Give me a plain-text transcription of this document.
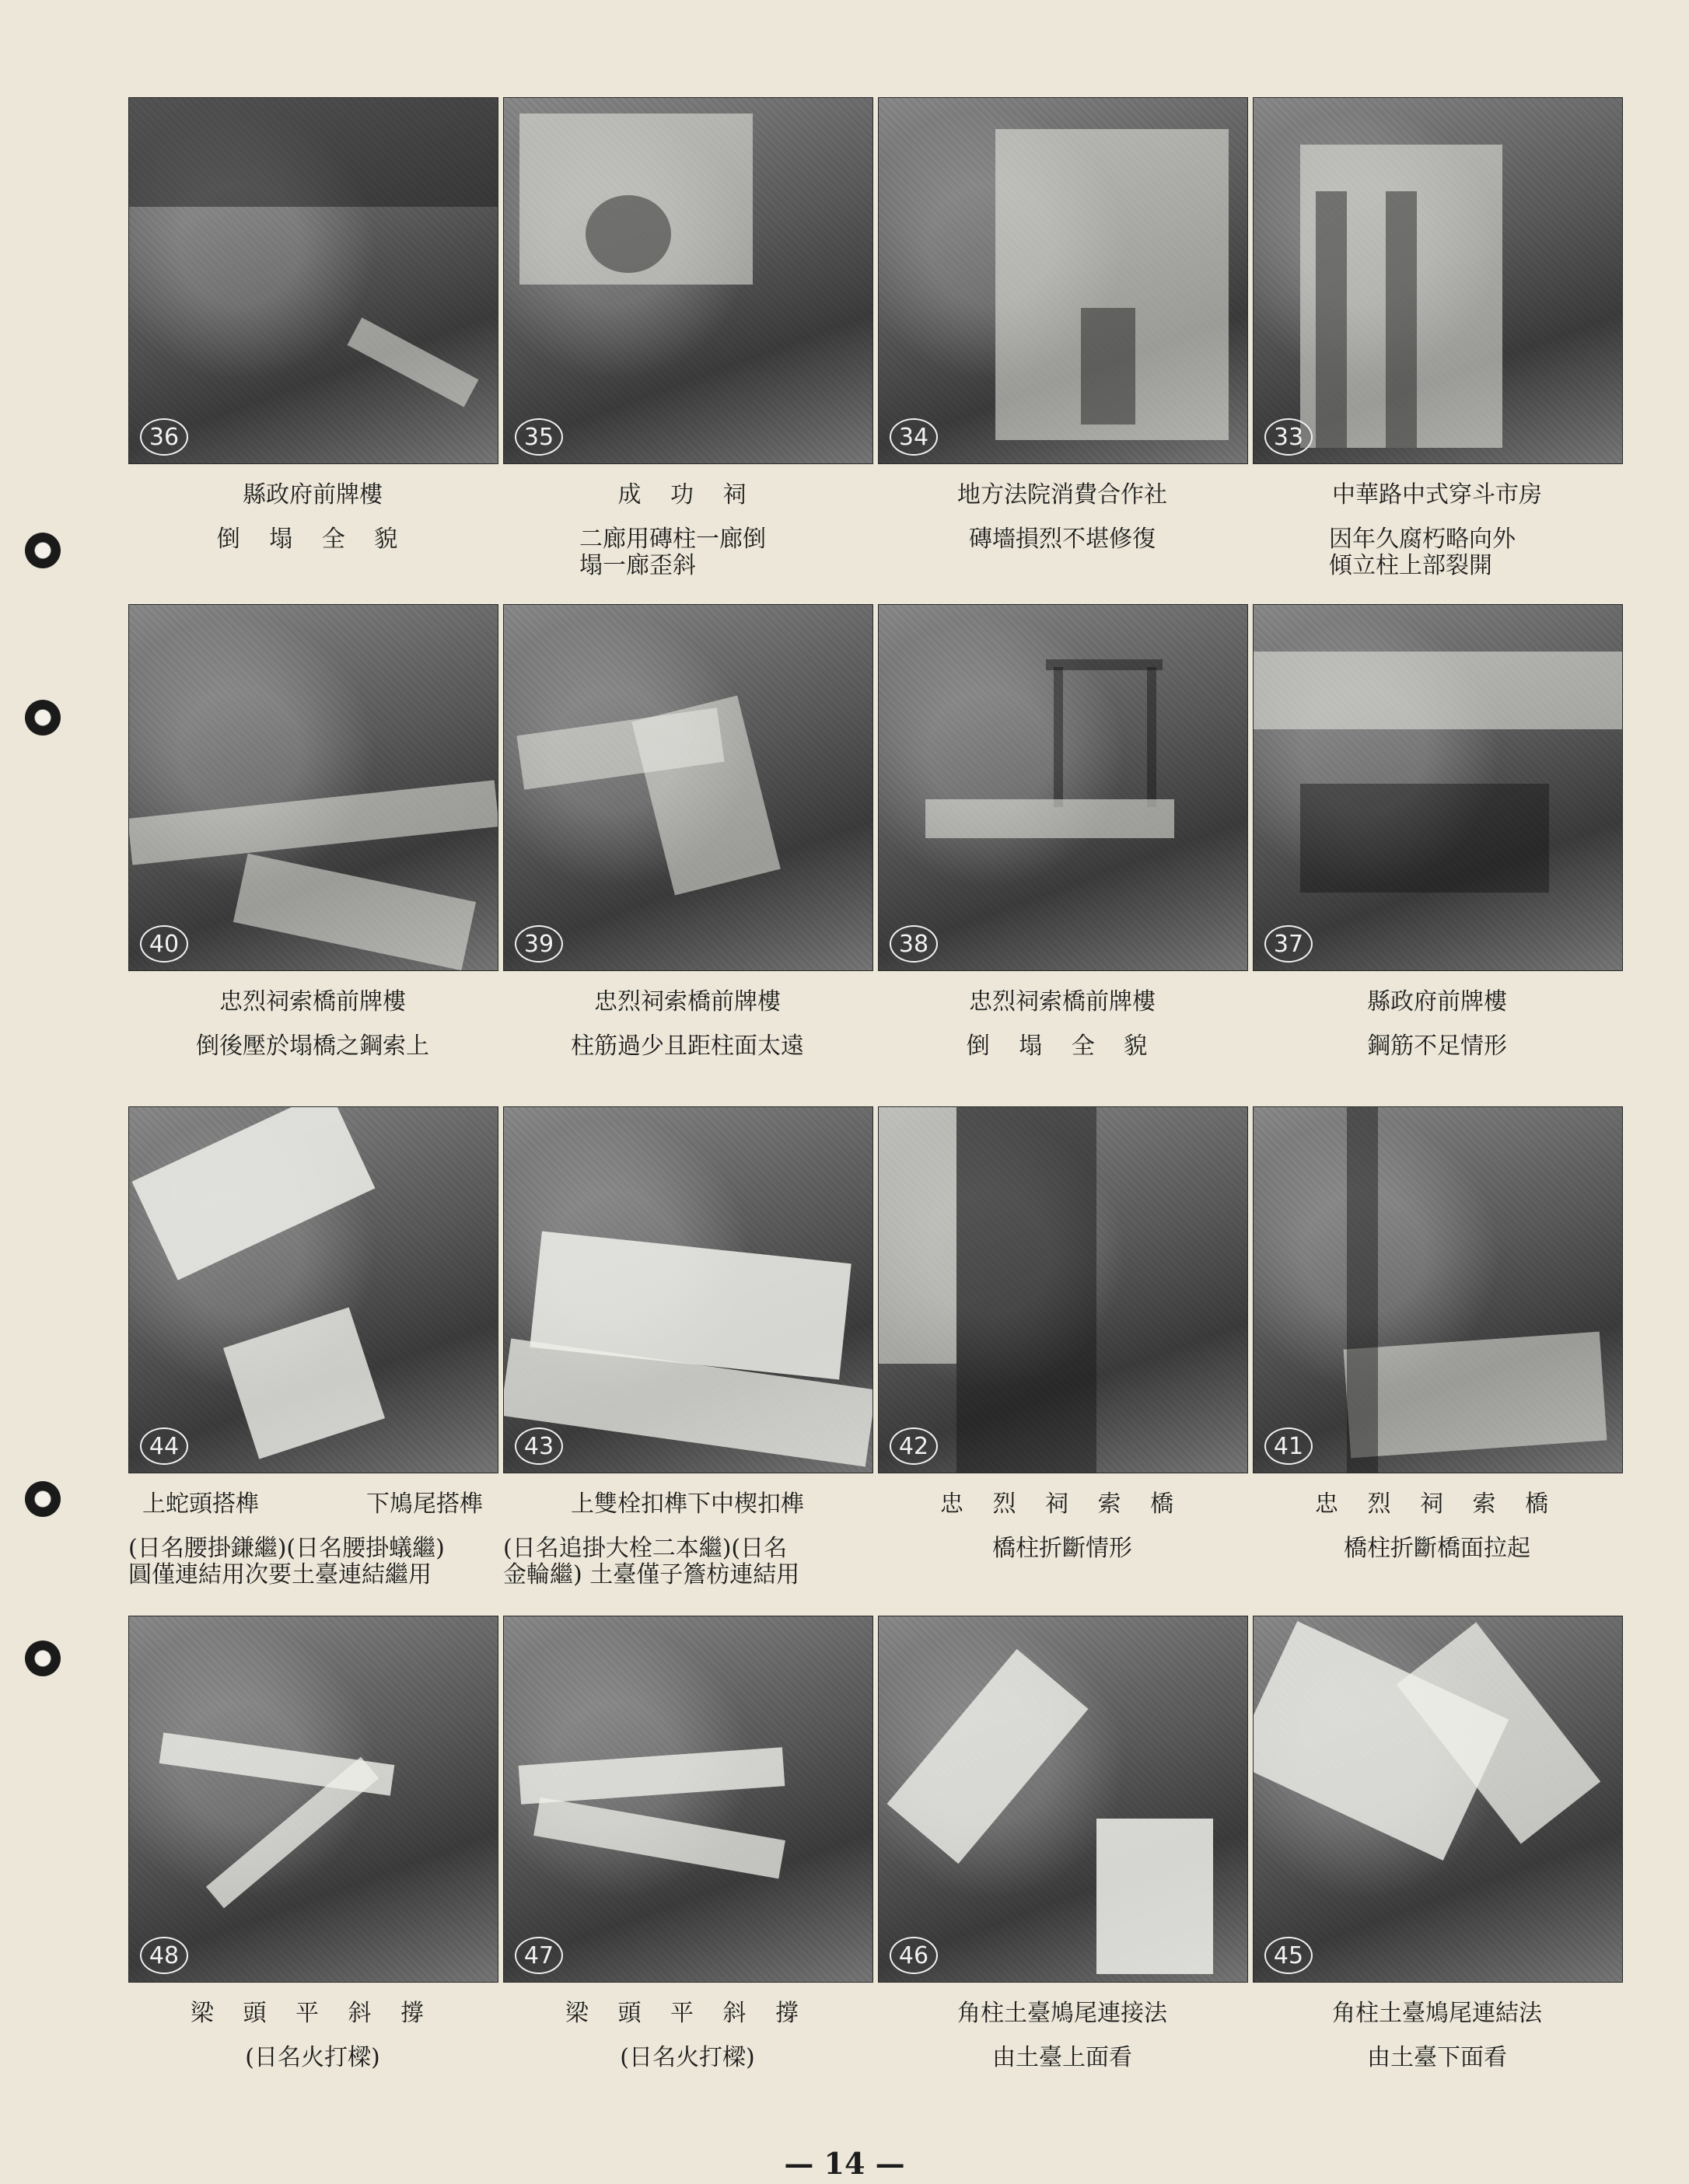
36
縣政府前牌樓
倒 塌 全 貌
35
成 功 祠
二廊用磚柱一廊倒
塌一廊歪斜
34
地方法院消費合作社
磚墻損烈不堪修復
33
中華路中式穿斗市房
因年久腐朽略向外
傾立柱上部裂開
40
忠烈祠索橋前牌樓
倒後壓於塌橋之鋼索上
39
忠烈祠索橋前牌樓
柱筋過少且距柱面太遠
38
忠烈祠索橋前牌樓
倒 塌 全 貌
37
縣政府前牌樓
鋼筋不足情形
44
上蛇頭搭榫	下鳩尾搭榫
(日名腰掛鎌繼)(日名腰掛蟻繼)
圓僅連結用次要土臺連結繼用
43
上雙栓扣榫下中楔扣榫
(日名追掛大栓二本繼)(日名
金輪繼) 土臺僅子簷枋連結用
42
忠 烈 祠 索 橋
橋柱折斷情形
41
忠 烈 祠 索 橋
橋柱折斷橋面拉起
48
梁 頭 平 斜 撐
(日名火打樑)
47
梁 頭 平 斜 撐
(日名火打樑)
46
角柱土臺鳩尾連接法
由土臺上面看
45
角柱土臺鳩尾連結法
由土臺下面看
— 14 —
